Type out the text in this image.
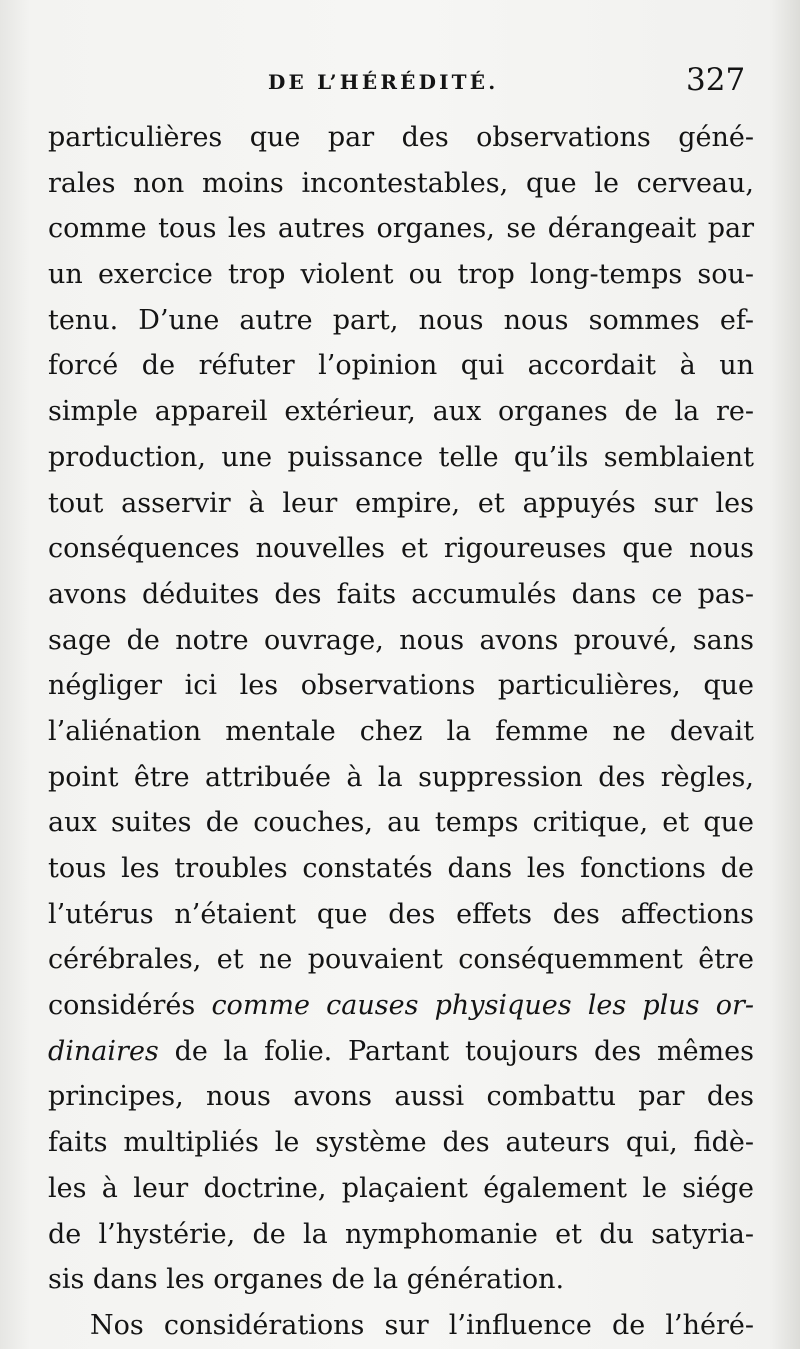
DE L’HÉRÉDITÉ.	327
particulières que par des observations géné-
rales non moins incontestables, que le cerveau,
comme tous les autres organes, se dérangeait par
un exercice trop violent ou trop long-temps sou-
tenu. D’une autre part, nous nous sommes ef-
forcé de réfuter l’opinion qui accordait à un
simple appareil extérieur, aux organes de la re-
production, une puissance telle qu’ils semblaient
tout asservir à leur empire, et appuyés sur les
conséquences nouvelles et rigoureuses que nous
avons déduites des faits accumulés dans ce pas-
sage de notre ouvrage, nous avons prouvé, sans
négliger ici les observations particulières, que
l’aliénation mentale chez la femme ne devait
point être attribuée à la suppression des règles,
aux suites de couches, au temps critique, et que
tous les troubles constatés dans les fonctions de
l’utérus n’étaient que des effets des affections
cérébrales, et ne pouvaient conséquemment être
considérés comme causes physiques les plus or-
dinaires de la folie. Partant toujours des mêmes
principes, nous avons aussi combattu par des
faits multipliés le système des auteurs qui, fidè-
les à leur doctrine, plaçaient également le siége
de l’hystérie, de la nymphomanie et du satyria-
sis dans les organes de la génération.
Nos considérations sur l’influence de l’héré-
